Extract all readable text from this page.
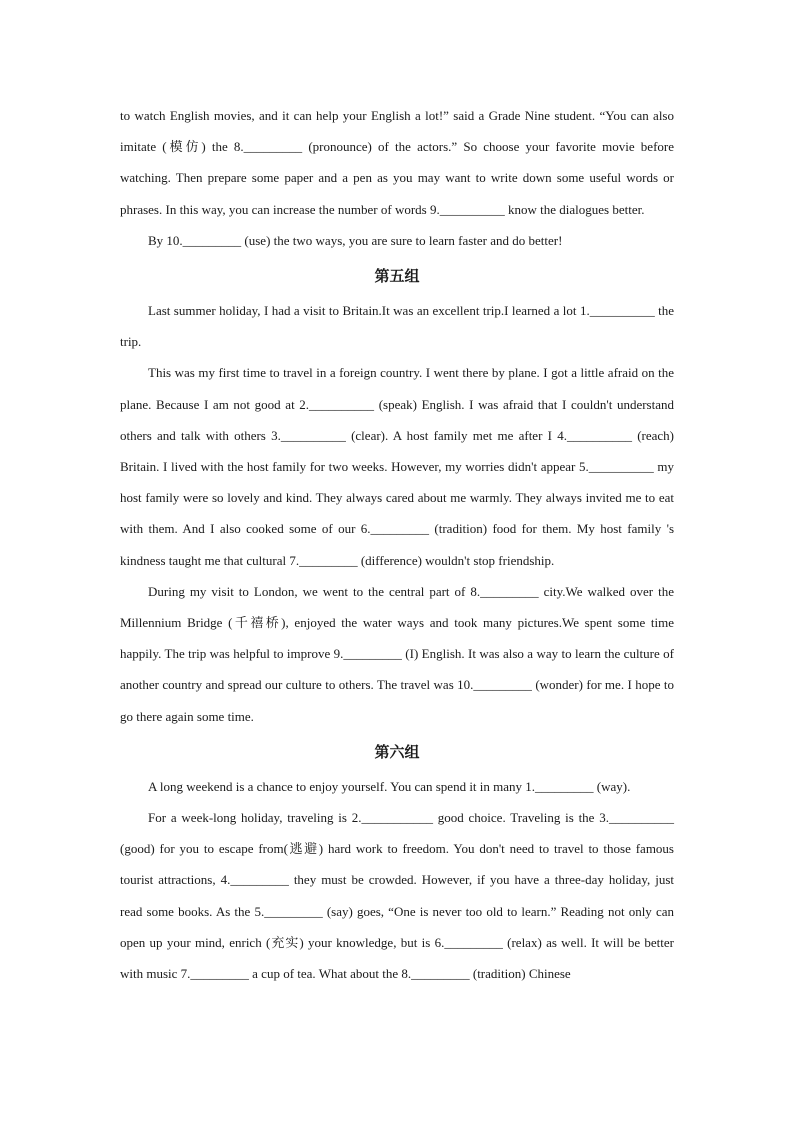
to watch English movies, and it can help your English a lot!” said a Grade Nine student. “You can also imitate (模仿) the 8._________ (pronounce) of the actors.” So choose your favorite movie before watching. Then prepare some paper and a pen as you may want to write down some useful words or phrases. In this way, you can increase the number of words 9.__________ know the dialogues better.

By 10._________ (use) the two ways, you are sure to learn faster and do better!

第五组

Last summer holiday, I had a visit to Britain.It was an excellent trip.I learned a lot 1.__________ the trip.

This was my first time to travel in a foreign country. I went there by plane. I got a little afraid on the plane. Because I am not good at 2.__________ (speak) English. I was afraid that I couldn't understand others and talk with others 3.__________ (clear). A host family met me after I 4.__________ (reach) Britain. I lived with the host family for two weeks. However, my worries didn't appear 5.__________ my host family were so lovely and kind. They always cared about me warmly. They always invited me to eat with them. And I also cooked some of our 6._________ (tradition) food for them. My host family 's kindness taught me that cultural 7._________ (difference) wouldn't stop friendship.

During my visit to London, we went to the central part of 8._________ city.We walked over the Millennium Bridge (千禧桥), enjoyed the water ways and took many pictures.We spent some time happily. The trip was helpful to improve 9._________ (I) English. It was also a way to learn the culture of another country and spread our culture to others. The travel was 10._________ (wonder) for me. I hope to go there again some time.

第六组

A long weekend is a chance to enjoy yourself. You can spend it in many 1._________ (way).

For a week-long holiday, traveling is 2.___________ good choice. Traveling is the 3.__________ (good) for you to escape from(逃避) hard work to freedom. You don't need to travel to those famous tourist attractions, 4._________ they must be crowded. However, if you have a three-day holiday, just read some books. As the 5._________ (say) goes, “One is never too old to learn.” Reading not only can open up your mind, enrich (充实) your knowledge, but is 6._________ (relax) as well. It will be better with music 7._________ a cup of tea. What about the 8._________ (tradition) Chinese
